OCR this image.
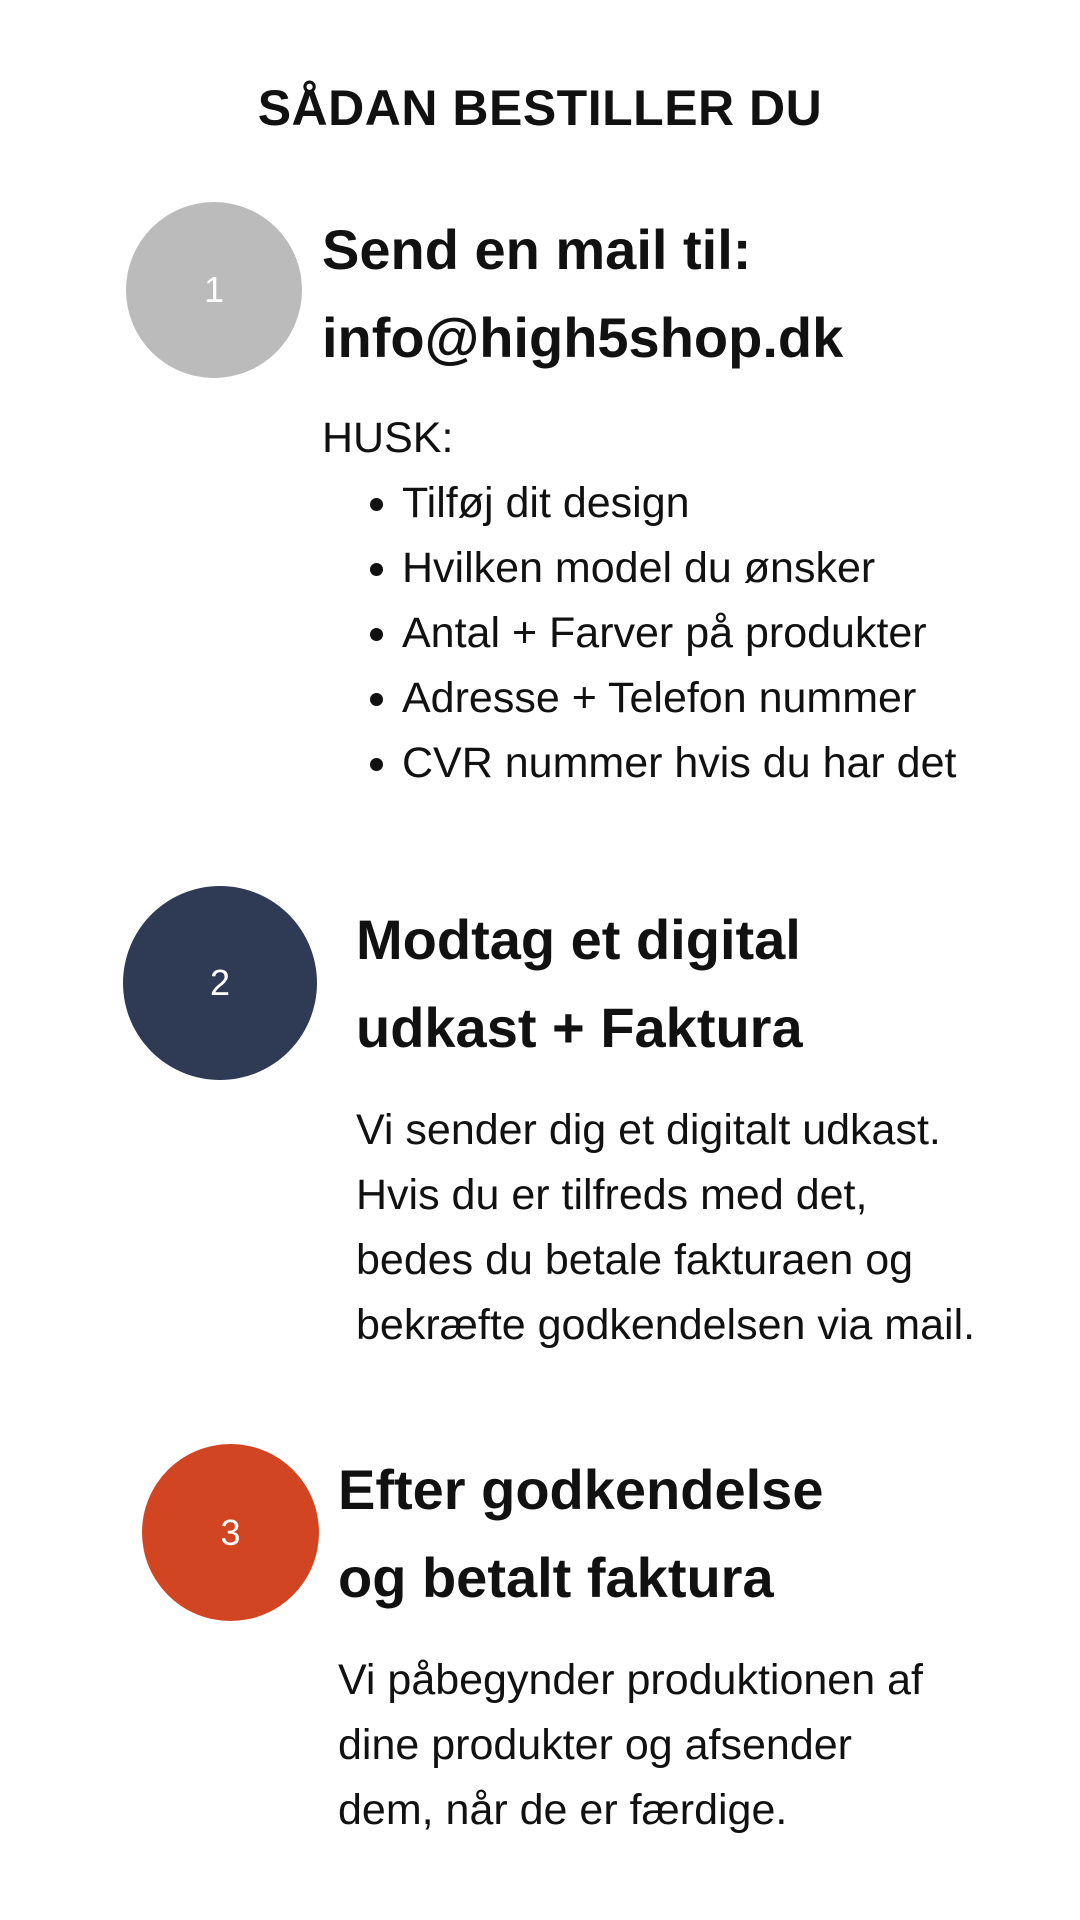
SÅDAN BESTILLER DU
1
Send en mail til:
info@high5shop.dk
HUSK:
• Tilføj dit design
• Hvilken model du ønsker
• Antal + Farver på produkter
• Adresse + Telefon nummer
• CVR nummer hvis du har det
2
Modtag et digital
udkast + Faktura
Vi sender dig et digitalt udkast.
Hvis du er tilfreds med det,
bedes du betale fakturaen og
bekræfte godkendelsen via mail.
3
Efter godkendelse
og betalt faktura
Vi påbegynder produktionen af
dine produkter og afsender
dem, når de er færdige.
